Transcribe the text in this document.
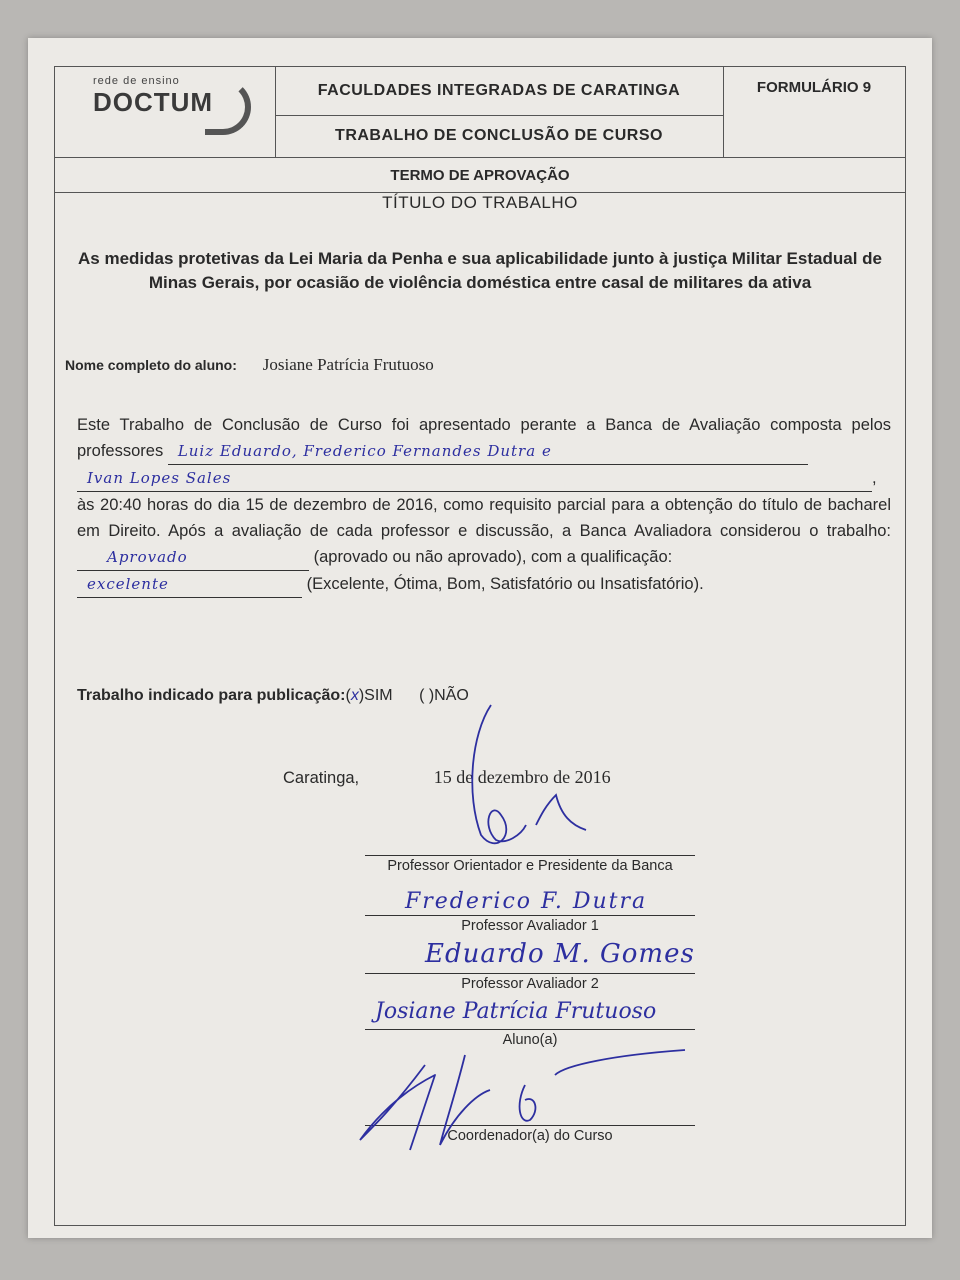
rede de ensino
DOCTUM	FACULDADES INTEGRADAS DE CARATINGA
TRABALHO DE CONCLUSÃO DE CURSO
FORMULÁRIO 9
TERMO DE APROVAÇÃO
TÍTULO DO TRABALHO
As medidas protetivas da Lei Maria da Penha e sua aplicabilidade junto à justiça Militar Estadual de Minas Gerais, por ocasião de violência doméstica entre casal de militares da ativa
Nome completo do aluno: Josiane Patrícia Frutuoso
Este Trabalho de Conclusão de Curso foi apresentado perante a Banca de Avaliação composta pelos professores Luiz Eduardo, Frederico Fernandes Dutra e
Ivan Lopes Sales	, às 20:40 horas do dia 15 de dezembro de 2016, como requisito parcial para a obtenção do título de bacharel em Direito. Após a avaliação de cada professor e discussão, a Banca Avaliadora considerou o trabalho:Aprovado	(aprovado ou não aprovado), com a qualificação:
excelente	(Excelente, Ótima, Bom, Satisfatório ou Insatisfatório).
Trabalho indicado para publicação:(x)SIM ( )NÃO
Caratinga,	15 de dezembro de 2016
Professor Orientador e Presidente da Banca
Frederico F. Dutra
Professor Avaliador 1
Eduardo M. Gomes
Professor Avaliador 2
Josiane Patrícia Frutuoso
Aluno(a)
Coordenador(a) do Curso
